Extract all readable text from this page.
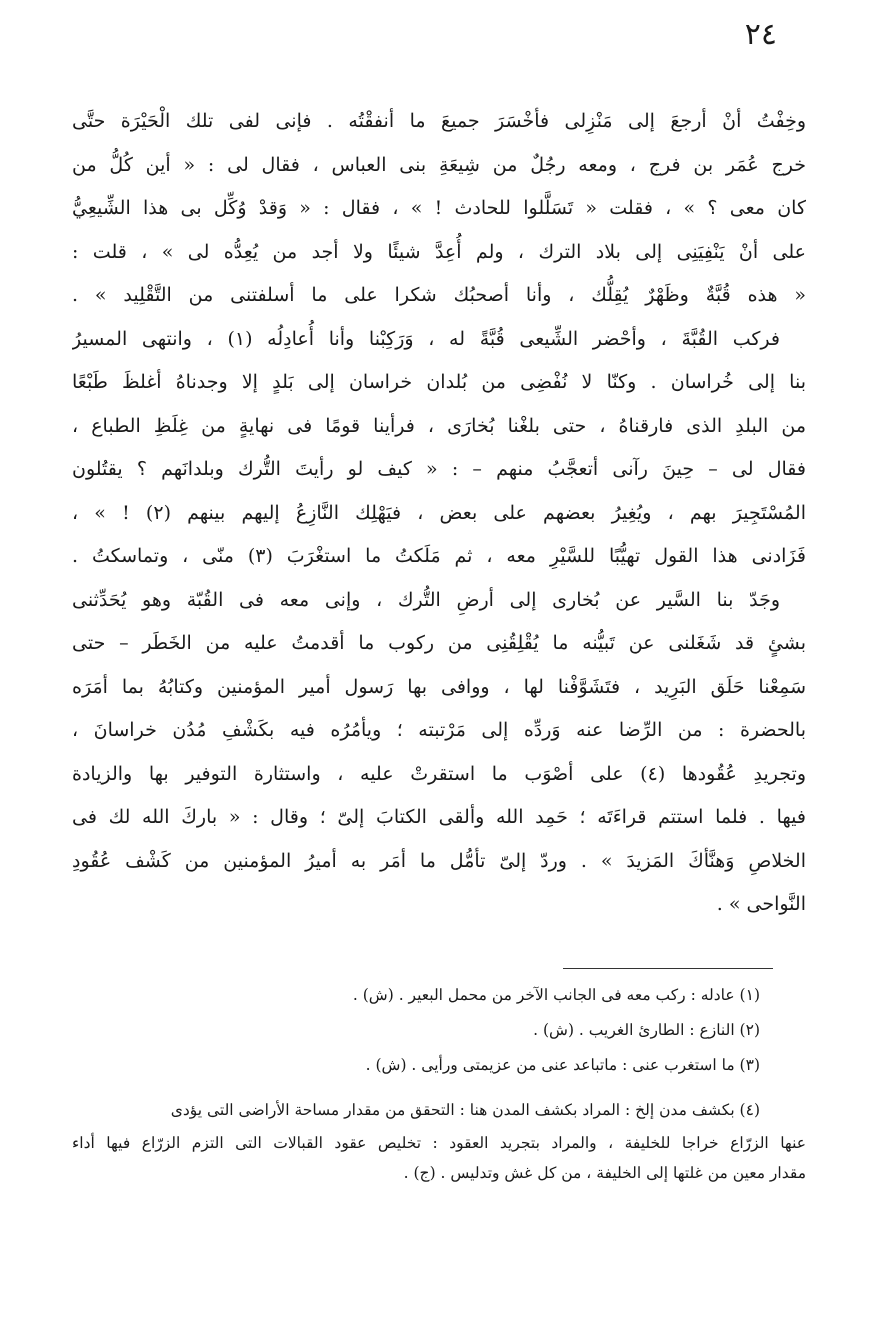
٢٤
وخِفْتُ أنْ أرجعَ إلى مَنْزِلى فأخْسَرَ جميعَ ما أنفقْتُه . فإنى لفى تلك الْحَيْرَة حتَّى
خرج عُمَر بن فرج ، ومعه رجُلٌ من شِيعَةِ بنى العباس ، فقال لى : « أين كُلُّ من
كان معى ؟ » ، فقلت « تَسَلَّلوا للحادث ! » ، فقال : « وَقدْ وُكِّل بى هذا الشِّيعِيُّ
على أنْ يَنْفِيَنِى إلى بلاد الترك ، ولم أُعِدَّ شيئًا ولا أجد من يُعِدُّه لى » ، قلت :
« هذه قُبَّةٌ وظَهْرٌ يُقِلُّك ، وأنا أصحبُك شكرا على ما أسلفتنى من التَّقْلِيد » .
فركب القُبَّةَ ، وأحْضر الشِّيعى قُبَّةً له ، وَرَكِبْنا وأنا أُعادِلُه (١) ، وانتهى المسيرُ
بنا إلى خُراسان . وكنّا لا نُفْضِى من بُلدان خراسان إلى بَلدٍ إلا وجدناهُ أغلظَ طَبْعًا
من البلدِ الذى فارقناهُ ، حتى بلغْنا بُخارَى ، فرأينا قومًا فى نهايةٍ من غِلَظِ الطباع ،
فقال لى – حِينَ رآنى أتعجَّبُ منهم – : « كيف لو رأيتَ التُّرك وبلدانَهم ؟ يقتُلون
المُسْتَجِيرَ بهم ، ويُغِيرُ بعضهم على بعض ، فيَهْلِك النَّازِعُ إليهم بينهم (٢) ! » ،
فَزَادنى هذا القول تهيُّبًا للسَّيْرِ معه ، ثم مَلَكتُ ما استغْرَبَ (٣) منّى ، وتماسكتُ .
وجَدّ بنا السَّير عن بُخارى إلى أرضِ التُّرك ، وإنى معه فى القُبّة وهو يُحَدِّثنى
بشئٍ قد شَغَلنى عن تَبيُّنه ما يُقْلِقُنِى من ركوب ما أقدمتُ عليه من الخَطَر – حتى
سَمِعْنا حَلَق البَرِيد ، فتَشَوَّفْنا لها ، ووافى بها رَسول أمير المؤمنين وكتابُهُ بما أمَرَه
بالحضرة : من الرِّضا عنه وَردِّه إلى مَرْتبته ؛ ويأمُرُه فيه بكَشْفِ مُدُن خراسانَ ،
وتجريدِ عُقُودها (٤) على أصْوَب ما استقرتْ عليه ، واستثارة التوفير بها والزيادة
فيها . فلما استتم قراءَتَه ؛ حَمِد الله وألقى الكتابَ إلىّ ؛ وقال : « باركَ الله لك فى
الخلاصِ وَهنَّأكَ المَزيدَ » . وردّ إلىّ تأمُّل ما أمَر به أميرُ المؤمنين من كَشْف عُقُودِ
النَّواحى » .
(١) عادله : ركب معه فى الجانب الآخر من محمل البعير . (ش) .
(٢) النازع : الطارئ الغريب . (ش) .
(٣) ما استغرب عنى : ماتباعد عنى من عزيمتى ورأيى . (ش) .
(٤) بكشف مدن إلخ : المراد بكشف المدن هنا : التحقق من مقدار مساحة الأراضى التى يؤدى
عنها الزرّاع خراجا للخليفة ، والمراد بتجريد العقود : تخليص عقود القبالات التى التزم الزرّاع فيها أداء
مقدار معين من غلتها إلى الخليفة ، من كل غش وتدليس . (ج) .
